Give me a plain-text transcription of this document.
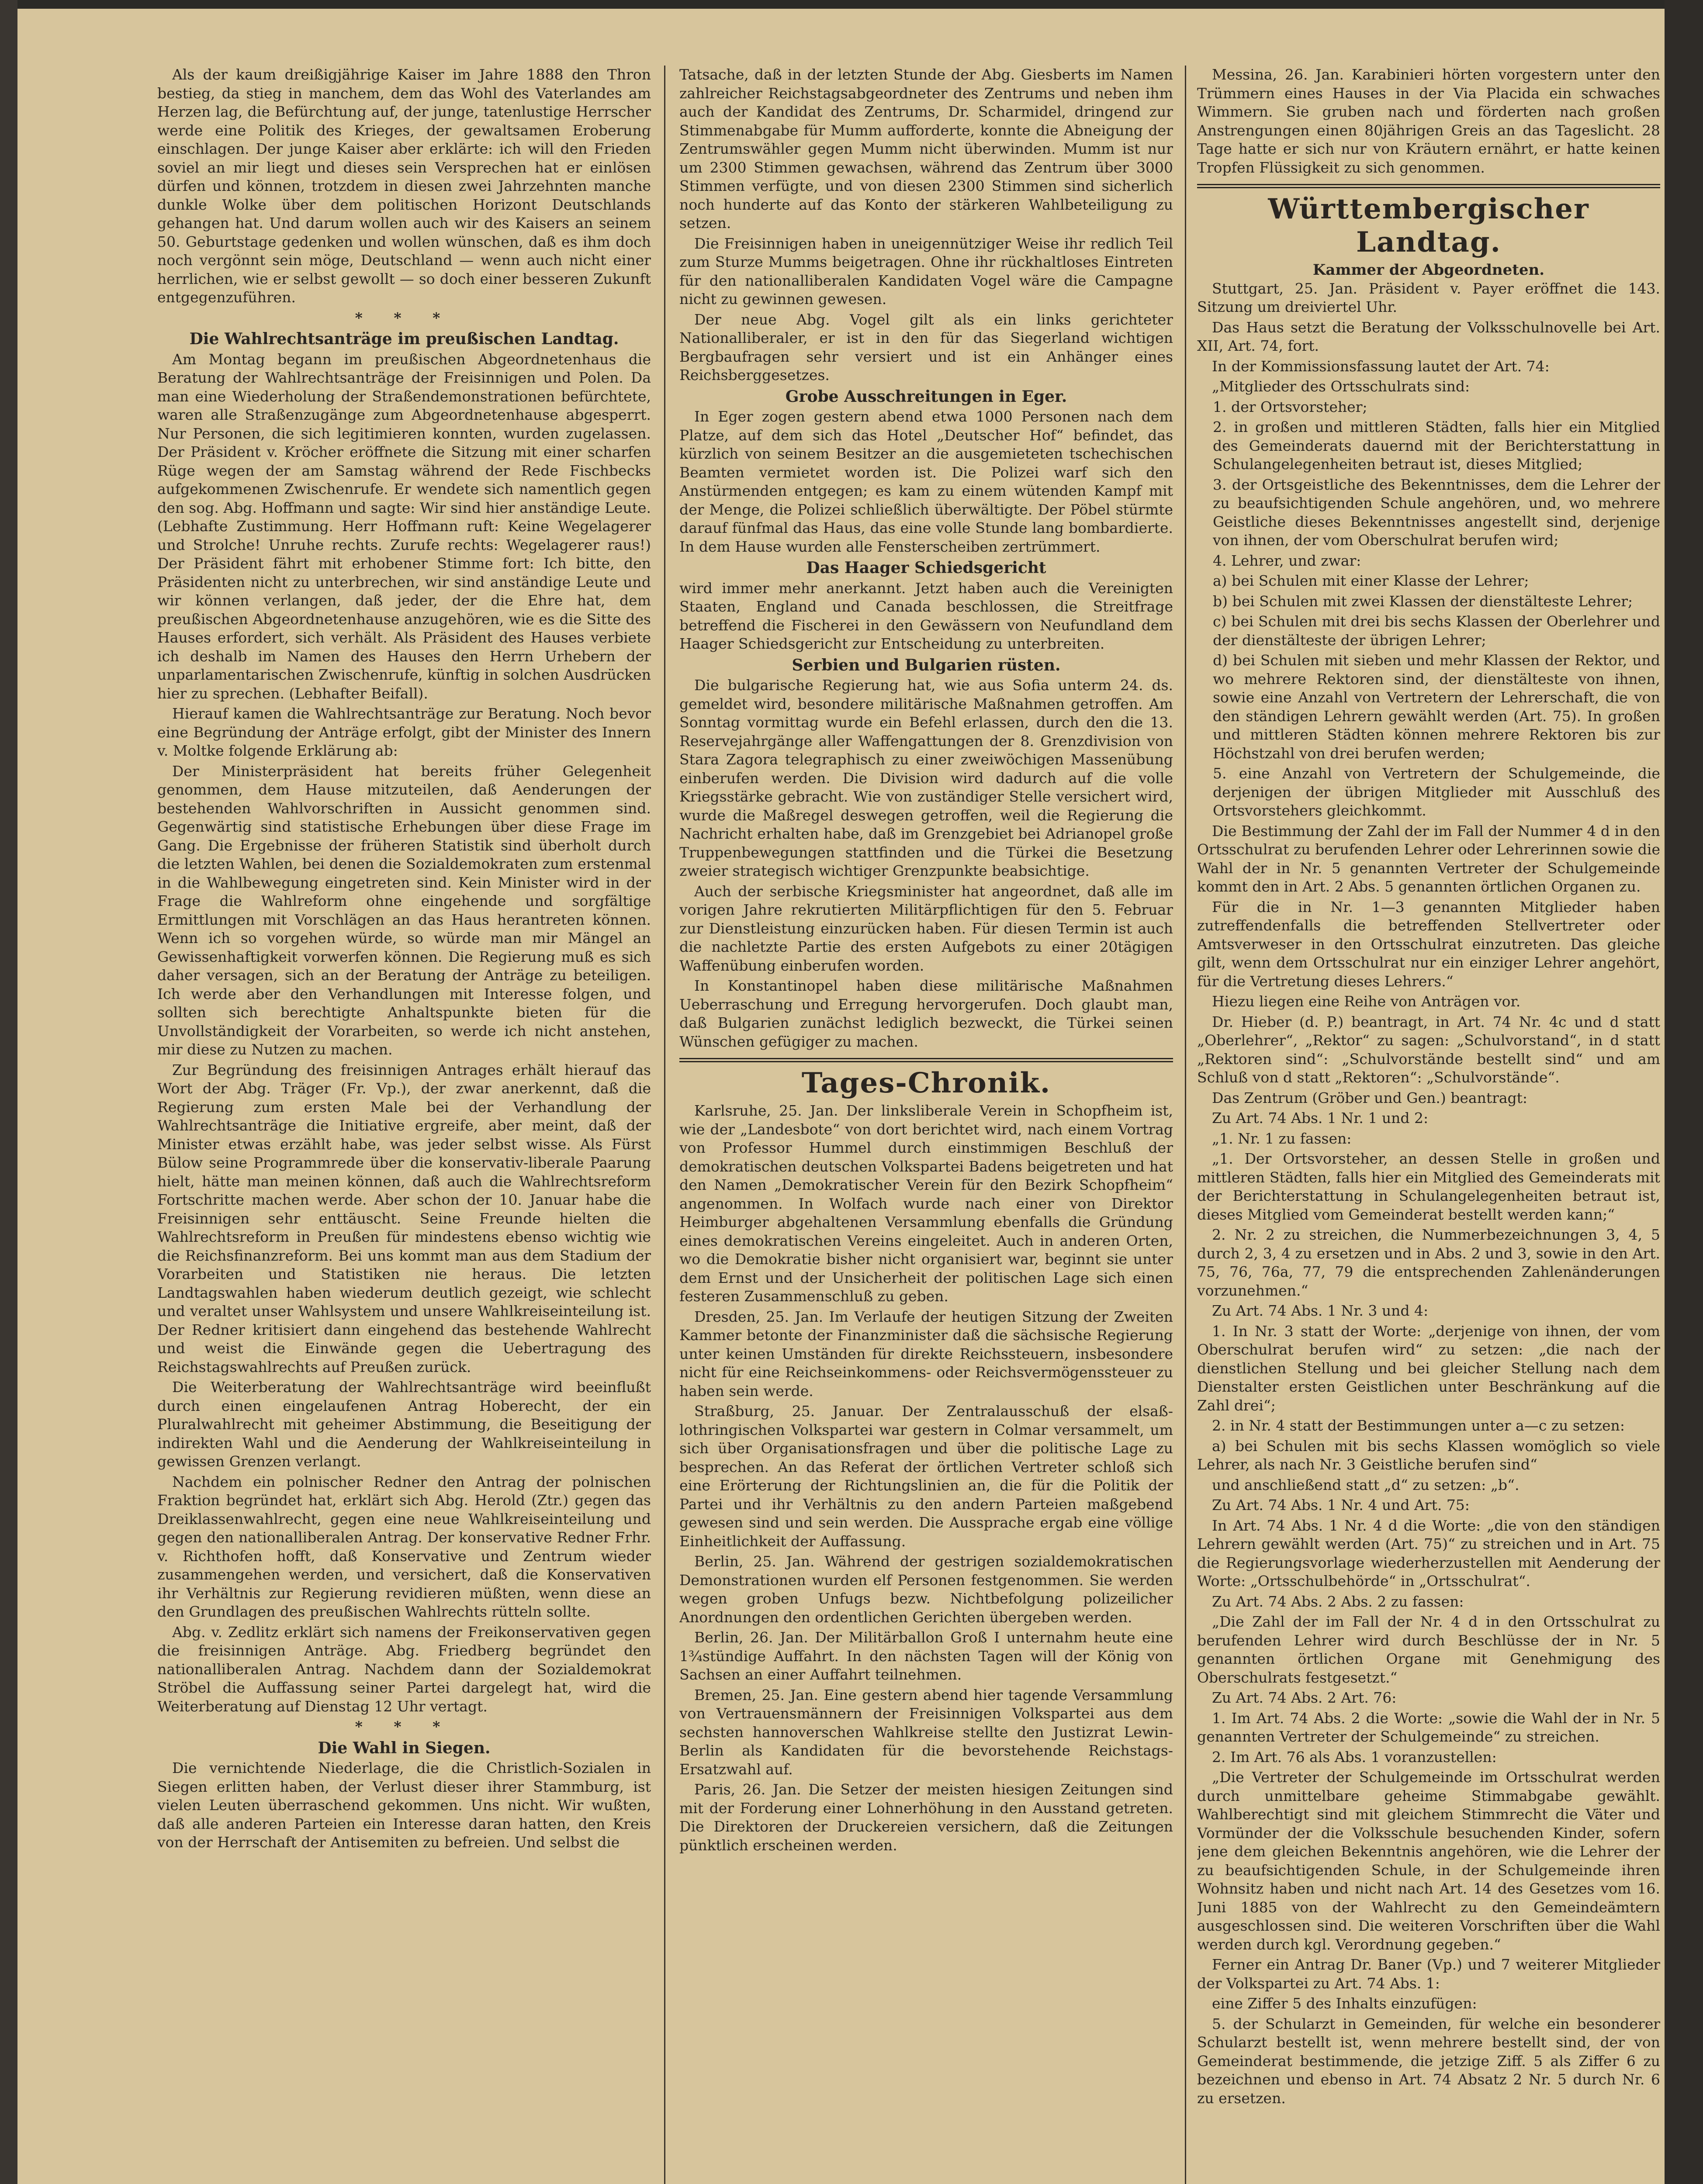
Als der kaum dreißigjährige Kaiser im Jahre 1888 den Thron bestieg, da stieg in manchem, dem das Wohl des Vaterlandes am Herzen lag, die Befürchtung auf, der junge, tatenlustige Herrscher werde eine Politik des Krieges, der gewaltsamen Eroberung einschlagen. Der junge Kaiser aber erklärte: ich will den Frieden soviel an mir liegt und dieses sein Versprechen hat er einlösen dürfen und können, trotzdem in diesen zwei Jahrzehnten manche dunkle Wolke über dem politischen Horizont Deutschlands gehangen hat. Und darum wollen auch wir des Kaisers an seinem 50. Geburtstage gedenken und wollen wünschen, daß es ihm doch noch vergönnt sein möge, Deutschland — wenn auch nicht einer herrlichen, wie er selbst gewollt — so doch einer besseren Zukunft entgegenzuführen.

* * *
Die Wahlrechtsanträge im preußischen Landtag.

Am Montag begann im preußischen Abgeordnetenhaus die Beratung der Wahlrechtsanträge der Freisinnigen und Polen. Da man eine Wiederholung der Straßendemonstrationen befürchtete, waren alle Straßenzugänge zum Abgeordnetenhause abgesperrt. Nur Personen, die sich legitimieren konnten, wurden zugelassen. Der Präsident v. Kröcher eröffnete die Sitzung mit einer scharfen Rüge wegen der am Samstag während der Rede Fischbecks aufgekommenen Zwischenrufe. Er wendete sich namentlich gegen den sog. Abg. Hoffmann und sagte: Wir sind hier anständige Leute. (Lebhafte Zustimmung. Herr Hoffmann ruft: Keine Wegelagerer und Strolche! Unruhe rechts. Zurufe rechts: Wegelagerer raus!) Der Präsident fährt mit erhobener Stimme fort: Ich bitte, den Präsidenten nicht zu unterbrechen, wir sind anständige Leute und wir können verlangen, daß jeder, der die Ehre hat, dem preußischen Abgeordnetenhause anzugehören, wie es die Sitte des Hauses erfordert, sich verhält. Als Präsident des Hauses verbiete ich deshalb im Namen des Hauses den Herrn Urhebern der unparlamentarischen Zwischenrufe, künftig in solchen Ausdrücken hier zu sprechen. (Lebhafter Beifall).

Hierauf kamen die Wahlrechtsanträge zur Beratung. Noch bevor eine Begründung der Anträge erfolgt, gibt der Minister des Innern v. Moltke folgende Erklärung ab:

Der Ministerpräsident hat bereits früher Gelegenheit genommen, dem Hause mitzuteilen, daß Aenderungen der bestehenden Wahlvorschriften in Aussicht genommen sind. Gegenwärtig sind statistische Erhebungen über diese Frage im Gang. Die Ergebnisse der früheren Statistik sind überholt durch die letzten Wahlen, bei denen die Sozialdemokraten zum erstenmal in die Wahlbewegung eingetreten sind. Kein Minister wird in der Frage die Wahlreform ohne eingehende und sorgfältige Ermittlungen mit Vorschlägen an das Haus herantreten können. Wenn ich so vorgehen würde, so würde man mir Mängel an Gewissenhaftigkeit vorwerfen können. Die Regierung muß es sich daher versagen, sich an der Beratung der Anträge zu beteiligen. Ich werde aber den Verhandlungen mit Interesse folgen, und sollten sich berechtigte Anhaltspunkte bieten für die Unvollständigkeit der Vorarbeiten, so werde ich nicht anstehen, mir diese zu Nutzen zu machen.

Zur Begründung des freisinnigen Antrages erhält hierauf das Wort der Abg. Träger (Fr. Vp.), der zwar anerkennt, daß die Regierung zum ersten Male bei der Verhandlung der Wahlrechtsanträge die Initiative ergreife, aber meint, daß der Minister etwas erzählt habe, was jeder selbst wisse. Als Fürst Bülow seine Programmrede über die konservativ-liberale Paarung hielt, hätte man meinen können, daß auch die Wahlrechtsreform Fortschritte machen werde. Aber schon der 10. Januar habe die Freisinnigen sehr enttäuscht. Seine Freunde hielten die Wahlrechtsreform in Preußen für mindestens ebenso wichtig wie die Reichsfinanzreform. Bei uns kommt man aus dem Stadium der Vorarbeiten und Statistiken nie heraus. Die letzten Landtagswahlen haben wiederum deutlich gezeigt, wie schlecht und veraltet unser Wahlsystem und unsere Wahlkreiseinteilung ist. Der Redner kritisiert dann eingehend das bestehende Wahlrecht und weist die Einwände gegen die Uebertragung des Reichstagswahlrechts auf Preußen zurück.

Die Weiterberatung der Wahlrechtsanträge wird beeinflußt durch einen eingelaufenen Antrag Hoberecht, der ein Pluralwahlrecht mit geheimer Abstimmung, die Beseitigung der indirekten Wahl und die Aenderung der Wahlkreiseinteilung in gewissen Grenzen verlangt.

Nachdem ein polnischer Redner den Antrag der polnischen Fraktion begründet hat, erklärt sich Abg. Herold (Ztr.) gegen das Dreiklassenwahlrecht, gegen eine neue Wahlkreiseinteilung und gegen den nationalliberalen Antrag. Der konservative Redner Frhr. v. Richthofen hofft, daß Konservative und Zentrum wieder zusammengehen werden, und versichert, daß die Konservativen ihr Verhältnis zur Regierung revidieren müßten, wenn diese an den Grundlagen des preußischen Wahlrechts rütteln sollte.

Abg. v. Zedlitz erklärt sich namens der Freikonservativen gegen die freisinnigen Anträge. Abg. Friedberg begründet den nationalliberalen Antrag. Nachdem dann der Sozialdemokrat Ströbel die Auffassung seiner Partei dargelegt hat, wird die Weiterberatung auf Dienstag 12 Uhr vertagt.

* * *
Die Wahl in Siegen.

Die vernichtende Niederlage, die die Christlich-Sozialen in Siegen erlitten haben, der Verlust dieser ihrer Stammburg, ist vielen Leuten überraschend gekommen. Uns nicht. Wir wußten, daß alle anderen Parteien ein Interesse daran hatten, den Kreis von der Herrschaft der Antisemiten zu befreien. Und selbst die

Tatsache, daß in der letzten Stunde der Abg. Giesberts im Namen zahlreicher Reichstagsabgeordneter des Zentrums und neben ihm auch der Kandidat des Zentrums, Dr. Scharmidel, dringend zur Stimmenabgabe für Mumm aufforderte, konnte die Abneigung der Zentrumswähler gegen Mumm nicht überwinden. Mumm ist nur um 2300 Stimmen gewachsen, während das Zentrum über 3000 Stimmen verfügte, und von diesen 2300 Stimmen sind sicherlich noch hunderte auf das Konto der stärkeren Wahlbeteiligung zu setzen.

Die Freisinnigen haben in uneigennütziger Weise ihr redlich Teil zum Sturze Mumms beigetragen. Ohne ihr rückhaltloses Eintreten für den nationalliberalen Kandidaten Vogel wäre die Campagne nicht zu gewinnen gewesen.

Der neue Abg. Vogel gilt als ein links gerichteter Nationalliberaler, er ist in den für das Siegerland wichtigen Bergbaufragen sehr versiert und ist ein Anhänger eines Reichsberggesetzes.

Grobe Ausschreitungen in Eger.

In Eger zogen gestern abend etwa 1000 Personen nach dem Platze, auf dem sich das Hotel „Deutscher Hof“ befindet, das kürzlich von seinem Besitzer an die ausgemieteten tschechischen Beamten vermietet worden ist. Die Polizei warf sich den Anstürmenden entgegen; es kam zu einem wütenden Kampf mit der Menge, die Polizei schließlich überwältigte. Der Pöbel stürmte darauf fünfmal das Haus, das eine volle Stunde lang bombardierte. In dem Hause wurden alle Fensterscheiben zertrümmert.

Das Haager Schiedsgericht

wird immer mehr anerkannt. Jetzt haben auch die Vereinigten Staaten, England und Canada beschlossen, die Streitfrage betreffend die Fischerei in den Gewässern von Neufundland dem Haager Schiedsgericht zur Entscheidung zu unterbreiten.

Serbien und Bulgarien rüsten.

Die bulgarische Regierung hat, wie aus Sofia unterm 24. ds. gemeldet wird, besondere militärische Maßnahmen getroffen. Am Sonntag vormittag wurde ein Befehl erlassen, durch den die 13. Reservejahrgänge aller Waffengattungen der 8. Grenzdivision von Stara Zagora telegraphisch zu einer zweiwöchigen Massenübung einberufen werden. Die Division wird dadurch auf die volle Kriegsstärke gebracht. Wie von zuständiger Stelle versichert wird, wurde die Maßregel deswegen getroffen, weil die Regierung die Nachricht erhalten habe, daß im Grenzgebiet bei Adrianopel große Truppenbewegungen stattfinden und die Türkei die Besetzung zweier strategisch wichtiger Grenzpunkte beabsichtige.

Auch der serbische Kriegsminister hat angeordnet, daß alle im vorigen Jahre rekrutierten Militärpflichtigen für den 5. Februar zur Dienstleistung einzurücken haben. Für diesen Termin ist auch die nachletzte Partie des ersten Aufgebots zu einer 20tägigen Waffenübung einberufen worden.

In Konstantinopel haben diese militärische Maßnahmen Ueberraschung und Erregung hervorgerufen. Doch glaubt man, daß Bulgarien zunächst lediglich bezweckt, die Türkei seinen Wünschen gefügiger zu machen.

Tages-Chronik.

Karlsruhe, 25. Jan. Der linksliberale Verein in Schopfheim ist, wie der „Landesbote“ von dort berichtet wird, nach einem Vortrag von Professor Hummel durch einstimmigen Beschluß der demokratischen deutschen Volkspartei Badens beigetreten und hat den Namen „Demokratischer Verein für den Bezirk Schopfheim“ angenommen. In Wolfach wurde nach einer von Direktor Heimburger abgehaltenen Versammlung ebenfalls die Gründung eines demokratischen Vereins eingeleitet. Auch in anderen Orten, wo die Demokratie bisher nicht organisiert war, beginnt sie unter dem Ernst und der Unsicherheit der politischen Lage sich einen festeren Zusammenschluß zu geben.

Dresden, 25. Jan. Im Verlaufe der heutigen Sitzung der Zweiten Kammer betonte der Finanzminister daß die sächsische Regierung unter keinen Umständen für direkte Reichssteuern, insbesondere nicht für eine Reichseinkommens- oder Reichsvermögenssteuer zu haben sein werde.

Straßburg, 25. Januar. Der Zentralausschuß der elsaß-lothringischen Volkspartei war gestern in Colmar versammelt, um sich über Organisationsfragen und über die politische Lage zu besprechen. An das Referat der örtlichen Vertreter schloß sich eine Erörterung der Richtungslinien an, die für die Politik der Partei und ihr Verhältnis zu den andern Parteien maßgebend gewesen sind und sein werden. Die Aussprache ergab eine völlige Einheitlichkeit der Auffassung.

Berlin, 25. Jan. Während der gestrigen sozialdemokratischen Demonstrationen wurden elf Personen festgenommen. Sie werden wegen groben Unfugs bezw. Nichtbefolgung polizeilicher Anordnungen den ordentlichen Gerichten übergeben werden.

Berlin, 26. Jan. Der Militärballon Groß I unternahm heute eine 1¾stündige Auffahrt. In den nächsten Tagen will der König von Sachsen an einer Auffahrt teilnehmen.

Bremen, 25. Jan. Eine gestern abend hier tagende Versammlung von Vertrauensmännern der Freisinnigen Volkspartei aus dem sechsten hannoverschen Wahlkreise stellte den Justizrat Lewin-Berlin als Kandidaten für die bevorstehende Reichstags-Ersatzwahl auf.

Paris, 26. Jan. Die Setzer der meisten hiesigen Zeitungen sind mit der Forderung einer Lohnerhöhung in den Ausstand getreten. Die Direktoren der Druckereien versichern, daß die Zeitungen pünktlich erscheinen werden.

Messina, 26. Jan. Karabinieri hörten vorgestern unter den Trümmern eines Hauses in der Via Placida ein schwaches Wimmern. Sie gruben nach und förderten nach großen Anstrengungen einen 80jährigen Greis an das Tageslicht. 28 Tage hatte er sich nur von Kräutern ernährt, er hatte keinen Tropfen Flüssigkeit zu sich genommen.

Württembergischer Landtag.
Kammer der Abgeordneten.

Stuttgart, 25. Jan. Präsident v. Payer eröffnet die 143. Sitzung um dreiviertel Uhr.

Das Haus setzt die Beratung der Volksschulnovelle bei Art. XII, Art. 74, fort.

In der Kommissionsfassung lautet der Art. 74:

„Mitglieder des Ortsschulrats sind:

1. der Ortsvorsteher;

2. in großen und mittleren Städten, falls hier ein Mitglied des Gemeinderats dauernd mit der Berichterstattung in Schulangelegenheiten betraut ist, dieses Mitglied;

3. der Ortsgeistliche des Bekenntnisses, dem die Lehrer der zu beaufsichtigenden Schule angehören, und, wo mehrere Geistliche dieses Bekenntnisses angestellt sind, derjenige von ihnen, der vom Oberschulrat berufen wird;

4. Lehrer, und zwar:

a) bei Schulen mit einer Klasse der Lehrer;

b) bei Schulen mit zwei Klassen der dienstälteste Lehrer;

c) bei Schulen mit drei bis sechs Klassen der Oberlehrer und der dienstälteste der übrigen Lehrer;

d) bei Schulen mit sieben und mehr Klassen der Rektor, und wo mehrere Rektoren sind, der dienstälteste von ihnen, sowie eine Anzahl von Vertretern der Lehrerschaft, die von den ständigen Lehrern gewählt werden (Art. 75). In großen und mittleren Städten können mehrere Rektoren bis zur Höchstzahl von drei berufen werden;

5. eine Anzahl von Vertretern der Schulgemeinde, die derjenigen der übrigen Mitglieder mit Ausschluß des Ortsvorstehers gleichkommt.

Die Bestimmung der Zahl der im Fall der Nummer 4 d in den Ortsschulrat zu berufenden Lehrer oder Lehrerinnen sowie die Wahl der in Nr. 5 genannten Vertreter der Schulgemeinde kommt den in Art. 2 Abs. 5 genannten örtlichen Organen zu.

Für die in Nr. 1—3 genannten Mitglieder haben zutreffendenfalls die betreffenden Stellvertreter oder Amtsverweser in den Ortsschulrat einzutreten. Das gleiche gilt, wenn dem Ortsschulrat nur ein einziger Lehrer angehört, für die Vertretung dieses Lehrers.“

Hiezu liegen eine Reihe von Anträgen vor.

Dr. Hieber (d. P.) beantragt, in Art. 74 Nr. 4c und d statt „Oberlehrer“, „Rektor“ zu sagen: „Schulvorstand“, in d statt „Rektoren sind“: „Schulvorstände bestellt sind“ und am Schluß von d statt „Rektoren“: „Schulvorstände“.

Das Zentrum (Gröber und Gen.) beantragt:

Zu Art. 74 Abs. 1 Nr. 1 und 2:

„1. Nr. 1 zu fassen:

„1. Der Ortsvorsteher, an dessen Stelle in großen und mittleren Städten, falls hier ein Mitglied des Gemeinderats mit der Berichterstattung in Schulangelegenheiten betraut ist, dieses Mitglied vom Gemeinderat bestellt werden kann;“

2. Nr. 2 zu streichen, die Nummerbezeichnungen 3, 4, 5 durch 2, 3, 4 zu ersetzen und in Abs. 2 und 3, sowie in den Art. 75, 76, 76a, 77, 79 die entsprechenden Zahlenänderungen vorzunehmen.“

Zu Art. 74 Abs. 1 Nr. 3 und 4:

1. In Nr. 3 statt der Worte: „derjenige von ihnen, der vom Oberschulrat berufen wird“ zu setzen: „die nach der dienstlichen Stellung und bei gleicher Stellung nach dem Dienstalter ersten Geistlichen unter Beschränkung auf die Zahl drei“;

2. in Nr. 4 statt der Bestimmungen unter a—c zu setzen:

a) bei Schulen mit bis sechs Klassen womöglich so viele Lehrer, als nach Nr. 3 Geistliche berufen sind“

und anschließend statt „d“ zu setzen: „b“.

Zu Art. 74 Abs. 1 Nr. 4 und Art. 75:

In Art. 74 Abs. 1 Nr. 4 d die Worte: „die von den ständigen Lehrern gewählt werden (Art. 75)“ zu streichen und in Art. 75 die Regierungsvorlage wiederherzustellen mit Aenderung der Worte: „Ortsschulbehörde“ in „Ortsschulrat“.

Zu Art. 74 Abs. 2 Abs. 2 zu fassen:

„Die Zahl der im Fall der Nr. 4 d in den Ortsschulrat zu berufenden Lehrer wird durch Beschlüsse der in Nr. 5 genannten örtlichen Organe mit Genehmigung des Oberschulrats festgesetzt.“

Zu Art. 74 Abs. 2 Art. 76:

1. Im Art. 74 Abs. 2 die Worte: „sowie die Wahl der in Nr. 5 genannten Vertreter der Schulgemeinde“ zu streichen.

2. Im Art. 76 als Abs. 1 voranzustellen:

„Die Vertreter der Schulgemeinde im Ortsschulrat werden durch unmittelbare geheime Stimmabgabe gewählt. Wahlberechtigt sind mit gleichem Stimmrecht die Väter und Vormünder der die Volksschule besuchenden Kinder, sofern jene dem gleichen Bekenntnis angehören, wie die Lehrer der zu beaufsichtigenden Schule, in der Schulgemeinde ihren Wohnsitz haben und nicht nach Art. 14 des Gesetzes vom 16. Juni 1885 von der Wahlrecht zu den Gemeindeämtern ausgeschlossen sind. Die weiteren Vorschriften über die Wahl werden durch kgl. Verordnung gegeben.“

Ferner ein Antrag Dr. Baner (Vp.) und 7 weiterer Mitglieder der Volkspartei zu Art. 74 Abs. 1:

eine Ziffer 5 des Inhalts einzufügen:

5. der Schularzt in Gemeinden, für welche ein besonderer Schularzt bestellt ist, wenn mehrere bestellt sind, der von Gemeinderat bestimmende, die jetzige Ziff. 5 als Ziffer 6 zu bezeichnen und ebenso in Art. 74 Absatz 2 Nr. 5 durch Nr. 6 zu ersetzen.
